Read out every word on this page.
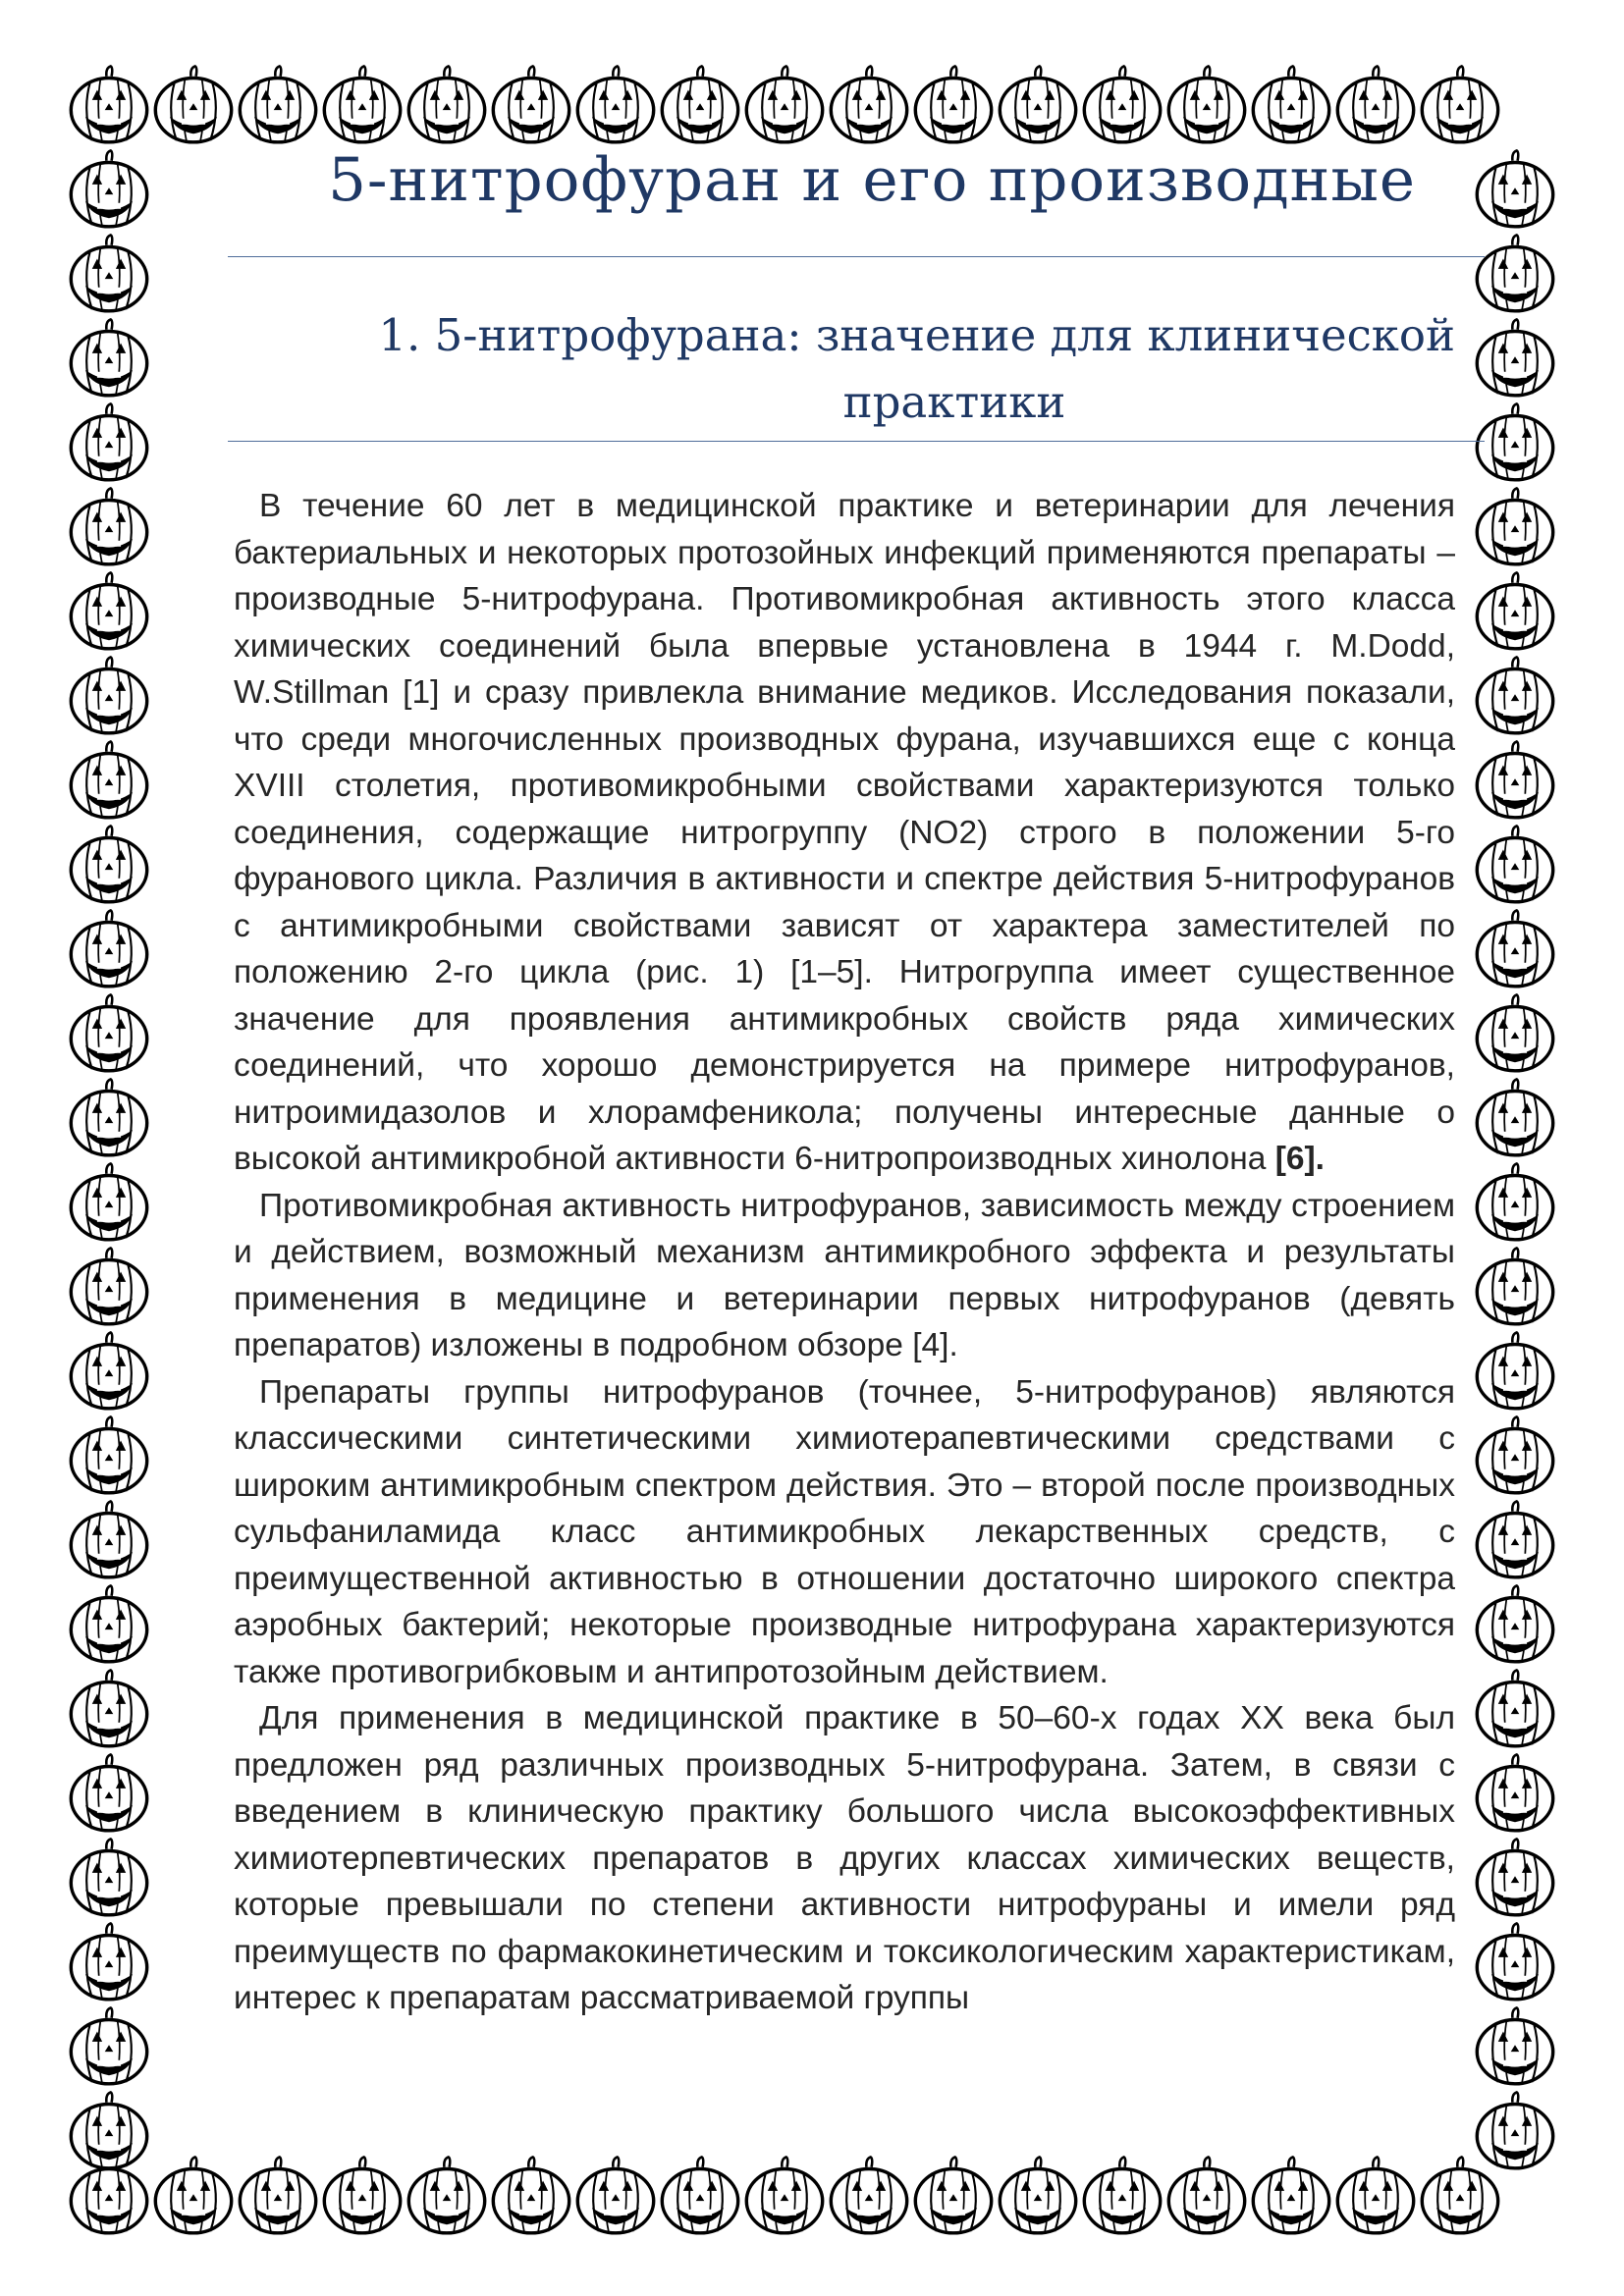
5-нитрофуран и его производные
1. 5-нитрофурана: значение для клинической
практики

В течение 60 лет в медицинской практике и ветеринарии для лечения бактериальных и некоторых протозойных инфекций применяются препараты – производные 5-нитрофурана. Противомикробная активность этого класса химических соединений была впервые установлена в 1944 г. M.Dodd, W.Stillman [1] и сразу привлекла внимание медиков. Исследования показали, что среди многочисленных производных фурана, изучавшихся еще с конца XVIII столетия, противомикробными свойствами характеризуются только соединения, содержащие нитрогруппу (NO2) строго в положении 5-го фуранового цикла. Различия в активности и спектре действия 5-нитрофуранов с антимикробными свойствами зависят от характера заместителей по положению 2-го цикла (рис. 1) [1–5]. Нитрогруппа имеет существенное значение для проявления антимикробных свойств ряда химических соединений, что хорошо демонстрируется на примере нитрофуранов, нитроимидазолов и хлорамфеникола; получены интересные данные о высокой антимикробной активности 6-нитропроизводных хинолона [6].

Противомикробная активность нитрофуранов, зависимость между строением и действием, возможный механизм антимикробного эффекта и результаты применения в медицине и ветеринарии первых нитрофуранов (девять препаратов) изложены в подробном обзоре [4].

Препараты группы нитрофуранов (точнее, 5-нитрофуранов) являются классическими синтетическими химиотерапевтическими средствами с широким антимикробным спектром действия. Это – второй после производных сульфаниламида класс антимикробных лекарственных средств, с преимущественной активностью в отношении достаточно широкого спектра аэробных бактерий; некоторые производные нитрофурана характеризуются также противогрибковым и антипротозойным действием.

Для применения в медицинской практике в 50–60-х годах XX века был предложен ряд различных производных 5-нитрофурана. Затем, в связи с введением в клиническую практику большого числа высокоэффективных химиотерпевтических препаратов в других классах химических веществ, которые превышали по степени активности нитрофураны и имели ряд преимуществ по фармакокинетическим и токсикологическим характеристикам, интерес к препаратам рассматриваемой группы
